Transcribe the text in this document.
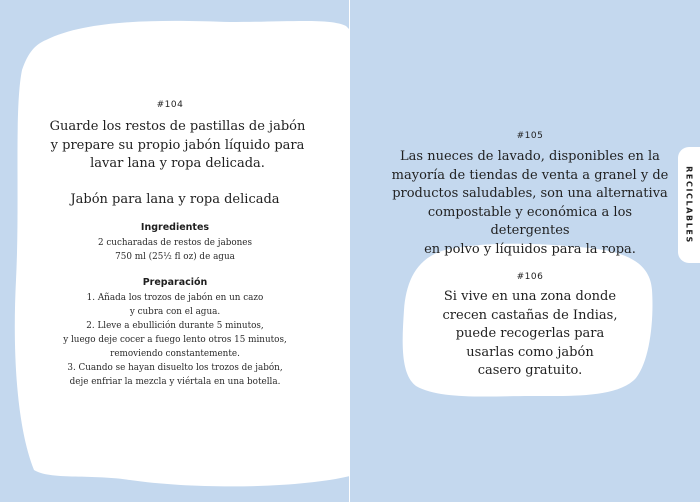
#104
Guarde los restos de pastillas de jabón
y prepare su propio jabón líquido para
lavar lana y ropa delicada.
Jabón para lana y ropa delicada
Ingredientes
2 cucharadas de restos de jabones
750 ml (25½ fl oz) de agua
Preparación
1. Añada los trozos de jabón en un cazo
y cubra con el agua.
2. Lleve a ebullición durante 5 minutos,
y luego deje cocer a fuego lento otros 15 minutos,
removiendo constantemente.
3. Cuando se hayan disuelto los trozos de jabón,
deje enfriar la mezcla y viértala en una botella.
#105
Las nueces de lavado, disponibles en la
mayoría de tiendas de venta a granel y de
productos saludables, son una alternativa
compostable y económica a los detergentes
en polvo y líquidos para la ropa.
#106
Si vive en una zona donde
crecen castañas de Indias,
puede recogerlas para
usarlas como jabón
casero gratuito.
RECICLABLES
